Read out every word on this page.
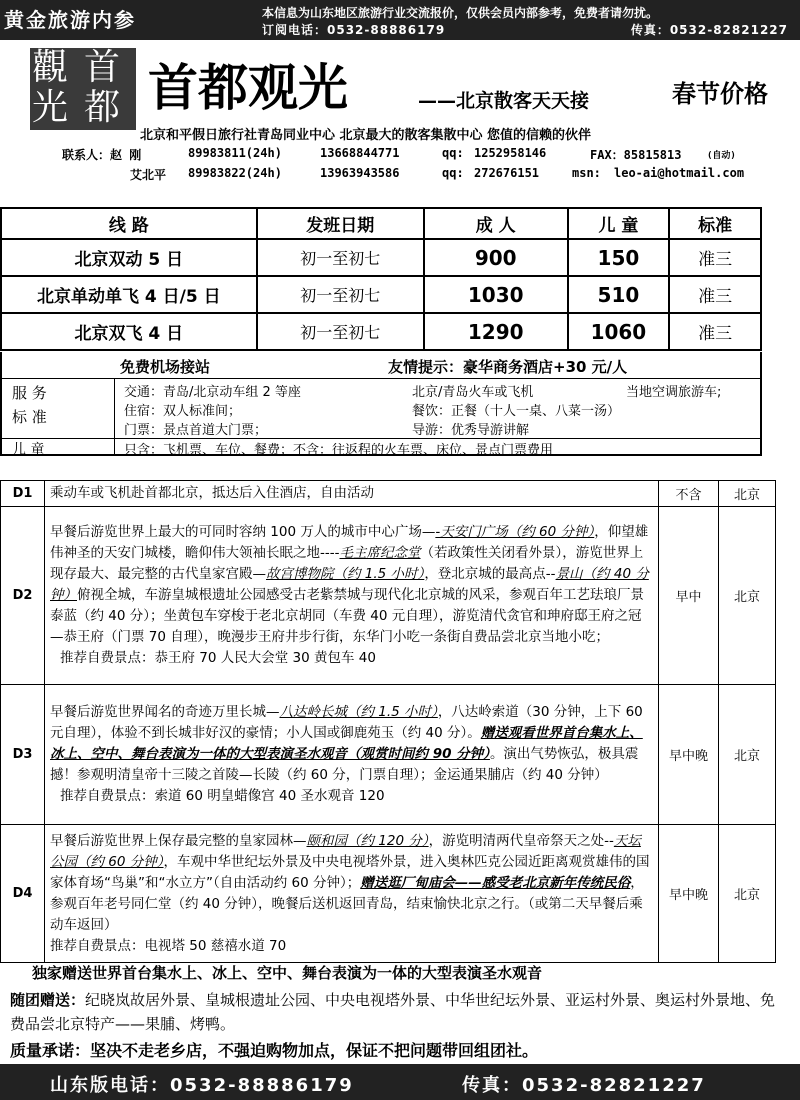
黄金旅游内参	本信息为山东地区旅游行业交流报价，仅供会员内部参考，免费者请勿扰。
订阅电话：0532-88886179	传真：0532-82821227
觀 首
光 都 首都观光	——北京散客天天接	春节价格
北京和平假日旅行社青岛同业中心 北京最大的散客集散中心 您值的信赖的伙伴
联系人：赵 刚	89983811(24h)	13668844771	qq: 1252958146	FAX：85815813	(自动)
艾北平 89983822(24h)	13963943586	qq: 272676151	msn: leo-ai@hotmail.com
线 路	发班日期	成 人	儿 童	标准
北京双动 5 日	初一至初七	900	150	准三
北京单动单飞 4 日/5 日	初一至初七	1030	510	准三
北京双飞 4 日	初一至初七	1290	1060	准三
免费机场接站	友情提示：豪华商务酒店+30 元/人
服 务
标 准
交通：青岛/北京动车组 2 等座	北京/青岛火车或飞机	当地空调旅游车;
住宿：双人标准间；	餐饮：正餐（十人一桌、八菜一汤）
门票：景点首道大门票；	导游：优秀导游讲解
儿 童	只含：飞机票、车位、餐费；不含：往返程的火车票、床位、景点门票费用
D1	乘动车或飞机赴首都北京，抵达后入住酒店，自由活动	不含	北京
D2	早餐后游览世界上最大的可同时容纳 100 万人的城市中心广场—-天安门广场（约 60 分钟），仰望雄伟神圣的天安门城楼，瞻仰伟大领袖长眠之地----毛主席纪念堂（若政策性关闭看外景），游览世界上现存最大、最完整的古代皇家宫殿—故宫博物院（约 1.5 小时），登北京城的最高点--景山（约 40 分钟）俯视全城，车游皇城根遗址公园感受古老紫禁城与现代化北京城的风采，参观百年工艺珐琅厂景泰蓝（约 40 分）；坐黄包车穿梭于老北京胡同（车费 40 元自理），游览清代贪官和珅府邸王府之冠—恭王府（门票 70 自理），晚漫步王府井步行街，东华门小吃一条街自费品尝北京当地小吃；
推荐自费景点：恭王府 70 人民大会堂 30 黄包车 40	早中	北京
D3	早餐后游览世界闻名的奇迹万里长城—八达岭长城（约 1.5 小时），八达岭索道（30 分钟，上下 60 元自理），体验不到长城非好汉的豪情；小人国或御鹿苑玉（约 40 分）。赠送观看世界首台集水上、冰上、空中、舞台表演为一体的大型表演圣水观音（观赏时间约 90 分钟）。演出气势恢弘，极具震撼！参观明清皇帝十三陵之首陵—长陵（约 60 分，门票自理）；金运通果脯店（约 40 分钟）
推荐自费景点：索道 60 明皇蜡像宫 40 圣水观音 120	早中晚	北京
D4	早餐后游览世界上保存最完整的皇家园林—颐和园（约 120 分），游览明清两代皇帝祭天之处--天坛公园（约 60 分钟），车观中华世纪坛外景及中央电视塔外景，进入奥林匹克公园近距离观赏雄伟的国家体育场“鸟巢”和“水立方”（自由活动约 60 分钟）；赠送逛厂甸庙会——感受老北京新年传统民俗，参观百年老号同仁堂（约 40 分钟），晚餐后送机返回青岛，结束愉快北京之行。（或第二天早餐后乘动车返回）
推荐自费景点：电视塔 50 慈禧水道 70	早中晚	北京
独家赠送世界首台集水上、冰上、空中、舞台表演为一体的大型表演圣水观音
随团赠送：纪晓岚故居外景、皇城根遗址公园、中央电视塔外景、中华世纪坛外景、亚运村外景、奥运村外景地、免费品尝北京特产——果脯、烤鸭。
质量承诺：坚决不走老乡店，不强迫购物加点，保证不把问题带回组团社。
山东版电话：0532-88886179	传真：0532-82821227
